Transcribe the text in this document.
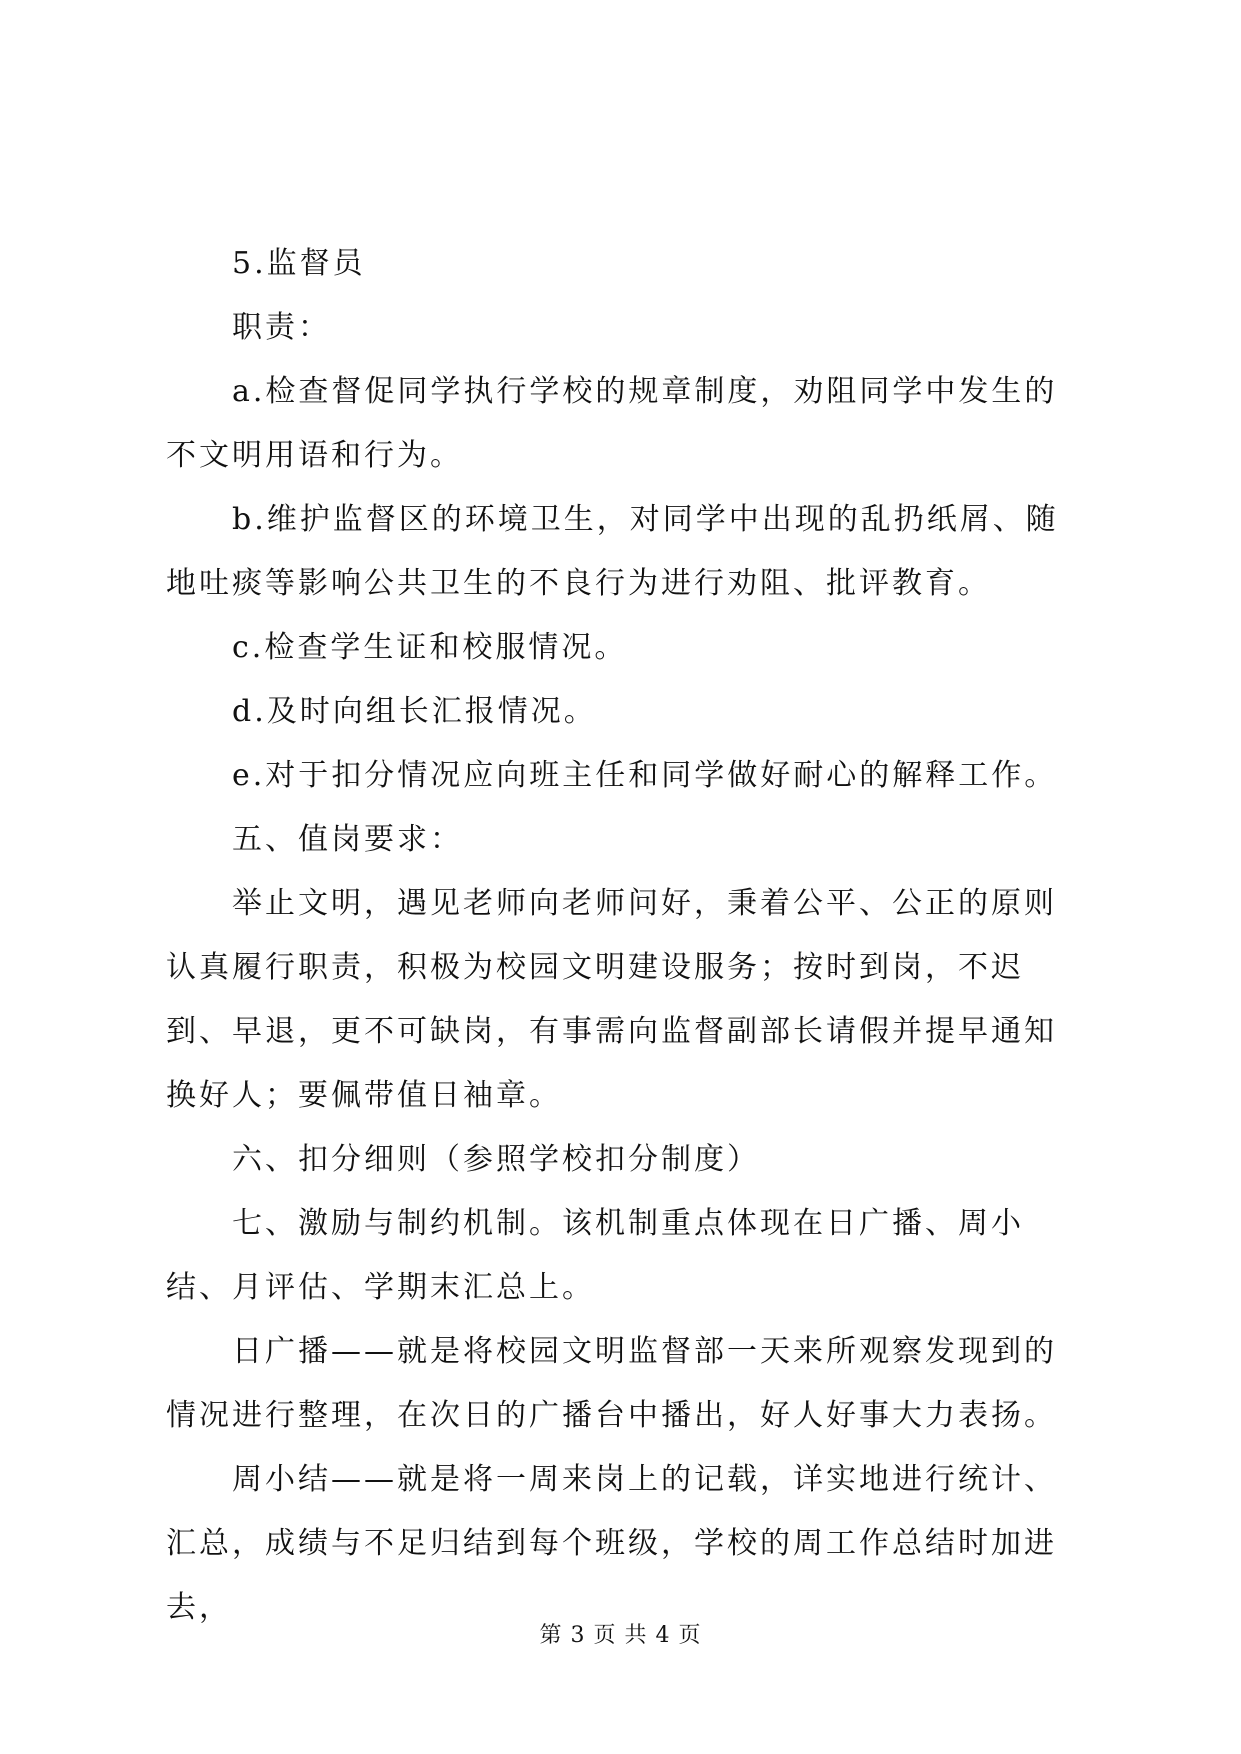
5.监督员

职责：

a.检查督促同学执行学校的规章制度，劝阻同学中发生的不文明用语和行为。

b.维护监督区的环境卫生，对同学中出现的乱扔纸屑、随地吐痰等影响公共卫生的不良行为进行劝阻、批评教育。

c.检查学生证和校服情况。

d.及时向组长汇报情况。

e.对于扣分情况应向班主任和同学做好耐心的解释工作。

五、值岗要求：

举止文明，遇见老师向老师问好，秉着公平、公正的原则认真履行职责，积极为校园文明建设服务；按时到岗，不迟到、早退，更不可缺岗，有事需向监督副部长请假并提早通知换好人；要佩带值日袖章。

六、扣分细则（参照学校扣分制度）

七、激励与制约机制。该机制重点体现在日广播、周小结、月评估、学期末汇总上。

日广播——就是将校园文明监督部一天来所观察发现到的情况进行整理，在次日的广播台中播出，好人好事大力表扬。

周小结——就是将一周来岗上的记载，详实地进行统计、汇总，成绩与不足归结到每个班级，学校的周工作总结时加进去，

第 3 页 共 4 页
